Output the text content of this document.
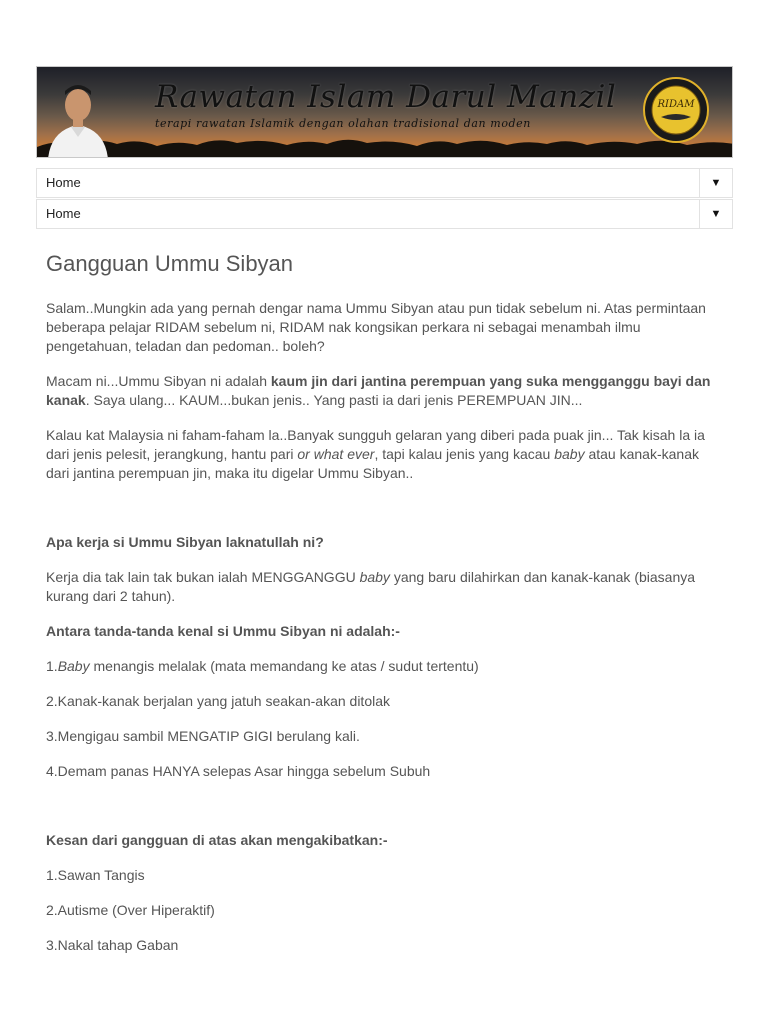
Rawatan Islam Darul Manzil
terapi rawatan Islamik dengan olahan tradisional dan moden
RIDAM
Home	▼
Home	▼
Gangguan Ummu Sibyan

Salam..Mungkin ada yang pernah dengar nama Ummu Sibyan atau pun tidak sebelum ni. Atas permintaan beberapa pelajar RIDAM sebelum ni, RIDAM nak kongsikan perkara ni sebagai menambah ilmu pengetahuan, teladan dan pedoman.. boleh?

Macam ni...Ummu Sibyan ni adalah kaum jin dari jantina perempuan yang suka mengganggu bayi dan kanak. Saya ulang... KAUM...bukan jenis.. Yang pasti ia dari jenis PEREMPUAN JIN...

Kalau kat Malaysia ni faham-faham la..Banyak sungguh gelaran yang diberi pada puak jin... Tak kisah la ia dari jenis pelesit, jerangkung, hantu pari or what ever, tapi kalau jenis yang kacau baby atau kanak-kanak dari jantina perempuan jin, maka itu digelar Ummu Sibyan..

Apa kerja si Ummu Sibyan laknatullah ni?

Kerja dia tak lain tak bukan ialah MENGGANGGU baby yang baru dilahirkan dan kanak-kanak (biasanya kurang dari 2 tahun).

Antara tanda-tanda kenal si Ummu Sibyan ni adalah:-

1.Baby menangis melalak (mata memandang ke atas / sudut tertentu)

2.Kanak-kanak berjalan yang jatuh seakan-akan ditolak

3.Mengigau sambil MENGATIP GIGI berulang kali.

4.Demam panas HANYA selepas Asar hingga sebelum Subuh

Kesan dari gangguan di atas akan mengakibatkan:-

1.Sawan Tangis

2.Autisme (Over Hiperaktif)

3.Nakal tahap Gaban
